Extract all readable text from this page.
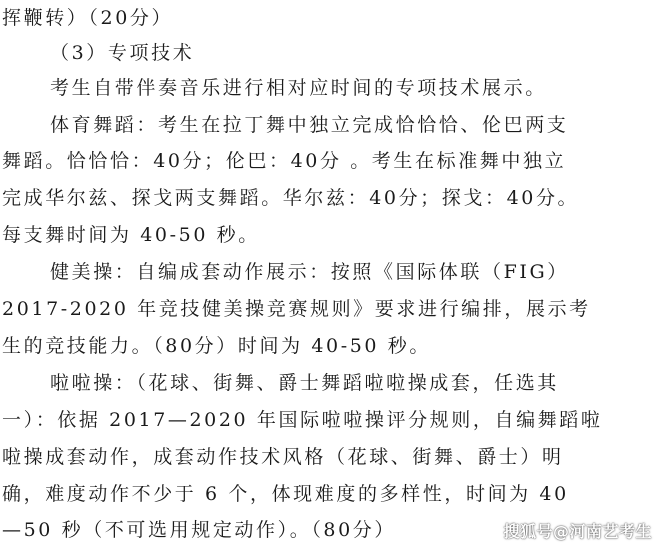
挥鞭转）（20分）
（3）专项技术
考生自带伴奏音乐进行相对应时间的专项技术展示。
体育舞蹈：考生在拉丁舞中独立完成恰恰恰、伦巴两支
舞蹈。恰恰恰：40分；伦巴：40分 。考生在标准舞中独立
完成华尔兹、探戈两支舞蹈。华尔兹：40分；探戈：40分。
每支舞时间为 40-50 秒。
健美操：自编成套动作展示：按照《国际体联（FIG）
2017-2020 年竞技健美操竞赛规则》要求进行编排，展示考
生的竞技能力。（80分）时间为 40-50 秒。
啦啦操：（花球、街舞、爵士舞蹈啦啦操成套，任选其
一）：依据 2017—2020 年国际啦啦操评分规则，自编舞蹈啦
啦操成套动作，成套动作技术风格（花球、街舞、爵士）明
确，难度动作不少于 6 个，体现难度的多样性，时间为 40
—50 秒（不可选用规定动作）。（80分）	搜狐号@河南艺考生
